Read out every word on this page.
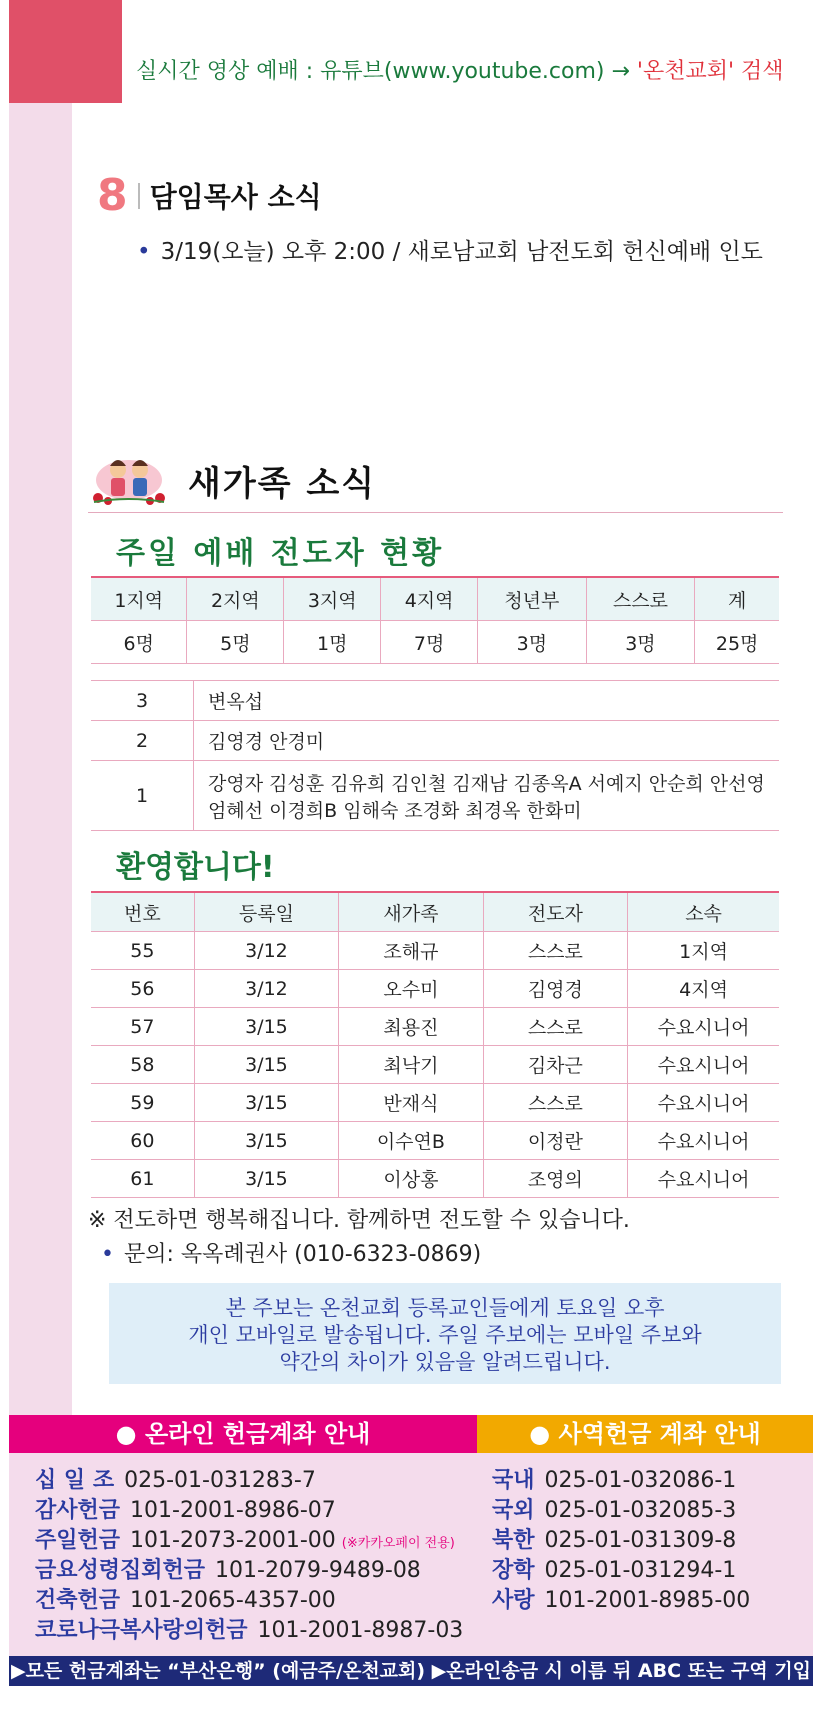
실시간 영상 예배 : 유튜브(www.youtube.com) → '온천교회' 검색
8 담임목사 소식
• 3/19(오늘) 오후 2:00 / 새로남교회 남전도회 헌신예배 인도
새가족 소식
주일 예배 전도자 현황
1지역	2지역	3지역	4지역	청년부	스스로	계
6명	5명	1명	7명	3명	3명	25명
3	변옥섭
2	김영경 안경미
1	강영자 김성훈 김유희 김인철 김재남 김종옥A 서예지 안순희 안선영
엄혜선 이경희B 임해숙 조경화 최경옥 한화미
환영합니다!
번호	등록일	새가족	전도자	소속
55	3/12	조해규	스스로	1지역
56	3/12	오수미	김영경	4지역
57	3/15	최용진	스스로	수요시니어
58	3/15	최낙기	김차근	수요시니어
59	3/15	반재식	스스로	수요시니어
60	3/15	이수연B	이정란	수요시니어
61	3/15	이상홍	조영의	수요시니어
※ 전도하면 행복해집니다. 함께하면 전도할 수 있습니다.
• 문의: 옥옥례권사 (010-6323-0869)
본 주보는 온천교회 등록교인들에게 토요일 오후
개인 모바일로 발송됩니다. 주일 주보에는 모바일 주보와
약간의 차이가 있음을 알려드립니다.
● 온라인 헌금계좌 안내	● 사역헌금 계좌 안내
십 일 조 025-01-031283-7
감사헌금 101-2001-8986-07
주일헌금 101-2073-2001-00 (※카카오페이 전용)
금요성령집회헌금 101-2079-9489-08
건축헌금 101-2065-4357-00
코로나극복사랑의헌금 101-2001-8987-03
국내 025-01-032086-1
국외 025-01-032085-3
북한 025-01-031309-8
장학 025-01-031294-1
사랑 101-2001-8985-00
▶모든 헌금계좌는 “부산은행” (예금주/온천교회) ▶온라인송금 시 이름 뒤 ABC 또는 구역 기입
